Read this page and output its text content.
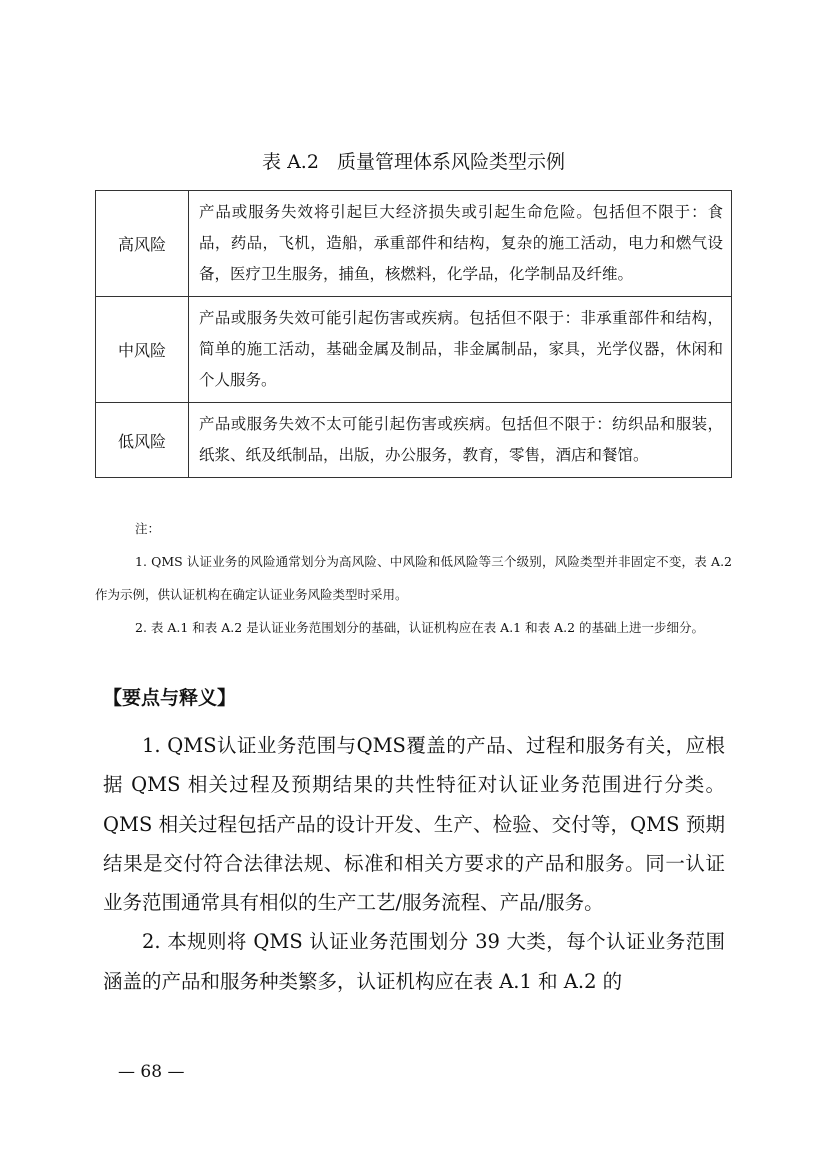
表 A.2 质量管理体系风险类型示例
高风险	产品或服务失效将引起巨大经济损失或引起生命危险。包括但不限于：食品，药品，飞机，造船，承重部件和结构，复杂的施工活动，电力和燃气设备，医疗卫生服务，捕鱼，核燃料，化学品，化学制品及纤维。
中风险	产品或服务失效可能引起伤害或疾病。包括但不限于：非承重部件和结构，简单的施工活动，基础金属及制品，非金属制品，家具，光学仪器，休闲和个人服务。
低风险	产品或服务失效不太可能引起伤害或疾病。包括但不限于：纺织品和服装，纸浆、纸及纸制品，出版，办公服务，教育，零售，酒店和餐馆。
注：
1. QMS 认证业务的风险通常划分为高风险、中风险和低风险等三个级别，风险类型并非固定不变，表 A.2 作为示例，供认证机构在确定认证业务风险类型时采用。
2. 表 A.1 和表 A.2 是认证业务范围划分的基础，认证机构应在表 A.1 和表 A.2 的基础上进一步细分。
【要点与释义】

1. QMS认证业务范围与QMS覆盖的产品、过程和服务有关，应根据 QMS 相关过程及预期结果的共性特征对认证业务范围进行分类。QMS 相关过程包括产品的设计开发、生产、检验、交付等，QMS 预期结果是交付符合法律法规、标准和相关方要求的产品和服务。同一认证业务范围通常具有相似的生产工艺/服务流程、产品/服务。

2. 本规则将 QMS 认证业务范围划分 39 大类，每个认证业务范围涵盖的产品和服务种类繁多，认证机构应在表 A.1 和 A.2 的

— 68 —
